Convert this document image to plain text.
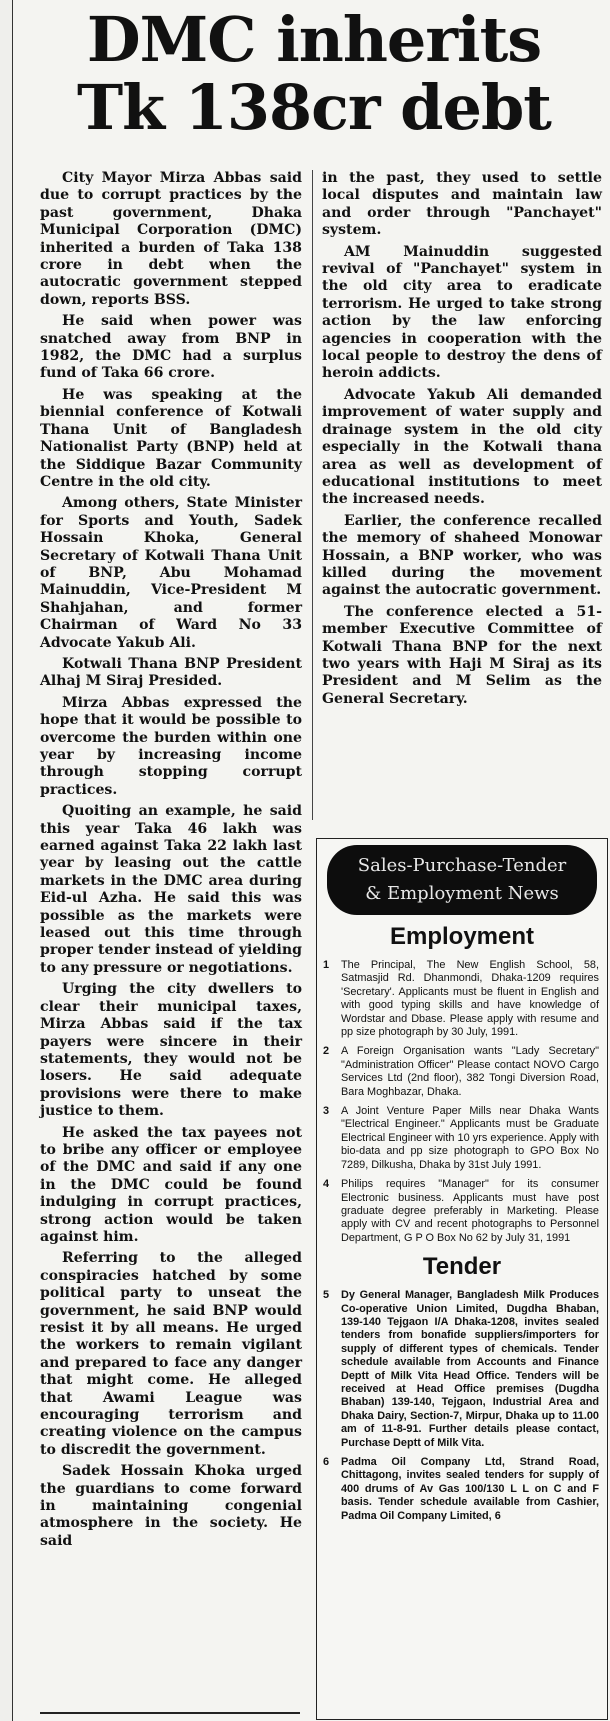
DMC inherits
Tk 138cr debt

City Mayor Mirza Abbas said due to corrupt practices by the past government, Dhaka Municipal Corporation (DMC) inherited a burden of Taka 138 crore in debt when the autocratic government stepped down, reports BSS.

He said when power was snatched away from BNP in 1982, the DMC had a surplus fund of Taka 66 crore.

He was speaking at the biennial conference of Kotwali Thana Unit of Bangladesh Nationalist Party (BNP) held at the Siddique Bazar Community Centre in the old city.

Among others, State Minister for Sports and Youth, Sadek Hossain Khoka, General Secretary of Kotwali Thana Unit of BNP, Abu Mohamad Mainuddin, Vice-President M Shahjahan, and former Chairman of Ward No 33 Advocate Yakub Ali.

Kotwali Thana BNP President Alhaj M Siraj Presided.

Mirza Abbas expressed the hope that it would be possible to overcome the burden within one year by increasing income through stopping corrupt practices.

Quoiting an example, he said this year Taka 46 lakh was earned against Taka 22 lakh last year by leasing out the cattle markets in the DMC area during Eid-ul Azha. He said this was possible as the markets were leased out this time through proper tender instead of yielding to any pressure or negotiations.

Urging the city dwellers to clear their municipal taxes, Mirza Abbas said if the tax payers were sincere in their statements, they would not be losers. He said adequate provisions were there to make justice to them.

He asked the tax payees not to bribe any officer or employee of the DMC and said if any one in the DMC could be found indulging in corrupt practices, strong action would be taken against him.

Referring to the alleged conspiracies hatched by some political party to unseat the government, he said BNP would resist it by all means. He urged the workers to remain vigilant and prepared to face any danger that might come. He alleged that Awami League was encouraging terrorism and creating violence on the campus to discredit the government.

Sadek Hossain Khoka urged the guardians to come forward in maintaining congenial atmosphere in the society. He said

in the past, they used to settle local disputes and maintain law and order through "Panchayet" system.

AM Mainuddin suggested revival of "Panchayet" system in the old city area to eradicate terrorism. He urged to take strong action by the law enforcing agencies in cooperation with the local people to destroy the dens of heroin addicts.

Advocate Yakub Ali demanded improvement of water supply and drainage system in the old city especially in the Kotwali thana area as well as development of educational institutions to meet the increased needs.

Earlier, the conference recalled the memory of shaheed Monowar Hossain, a BNP worker, who was killed during the movement against the autocratic government.

The conference elected a 51-member Executive Committee of Kotwali Thana BNP for the next two years with Haji M Siraj as its President and M Selim as the General Secretary.

Sales-Purchase-Tender
& Employment News
Employment
1	The Principal, The New English School, 58, Satmasjid Rd. Dhanmondi, Dhaka-1209 requires 'Secretary'. Applicants must be fluent in English and with good typing skills and have knowledge of Wordstar and Dbase. Please apply with resume and pp size photograph by 30 July, 1991.
2	A Foreign Organisation wants "Lady Secretary" "Administration Officer" Please contact NOVO Cargo Services Ltd (2nd floor), 382 Tongi Diversion Road, Bara Moghbazar, Dhaka.
3	A Joint Venture Paper Mills near Dhaka Wants "Electrical Engineer." Applicants must be Graduate Electrical Engineer with 10 yrs experience. Apply with bio-data and pp size photograph to GPO Box No 7289, Dilkusha, Dhaka by 31st July 1991.
4	Philips requires "Manager" for its consumer Electronic business. Applicants must have post graduate degree preferably in Marketing. Please apply with CV and recent photographs to Personnel Department, G P O Box No 62 by July 31, 1991
Tender
5	Dy General Manager, Bangladesh Milk Produces Co-operative Union Limited, Dugdha Bhaban, 139-140 Tejgaon I/A Dhaka-1208, invites sealed tenders from bonafide suppliers/importers for supply of different types of chemicals. Tender schedule available from Accounts and Finance Deptt of Milk Vita Head Office. Tenders will be received at Head Office premises (Dugdha Bhaban) 139-140, Tejgaon, Industrial Area and Dhaka Dairy, Section-7, Mirpur, Dhaka up to 11.00 am of 11-8-91. Further details please contact, Purchase Deptt of Milk Vita.
6	Padma Oil Company Ltd, Strand Road, Chittagong, invites sealed tenders for supply of 400 drums of Av Gas 100/130 L L on C and F basis. Tender schedule available from Cashier, Padma Oil Company Limited, 6
